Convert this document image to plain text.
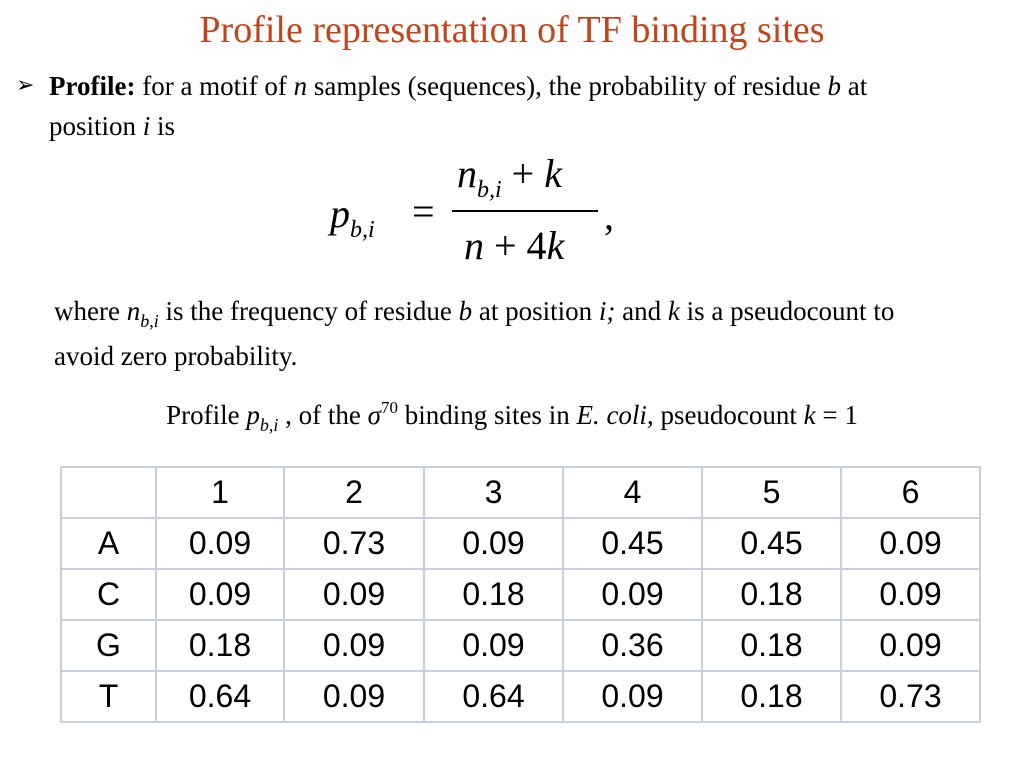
Profile representation of TF binding sites
➢ Profile: for a motif of n samples (sequences), the probability of residue b at position i is
$p_{b,i}$ =
$n_{b,i} + k$
n + 4k
,
where $n_{b,i}$ is the frequency of residue b at position i; and k is a pseudocount to avoid zero probability.
Profile $p_{b,i}$ , of the $\sigma^{70}$ binding sites in E. coli, pseudocount k = 1
	1	2	3	4	5	6
A	0.09	0.73	0.09	0.45	0.45	0.09
C	0.09	0.09	0.18	0.09	0.18	0.09
G	0.18	0.09	0.09	0.36	0.18	0.09
T	0.64	0.09	0.64	0.09	0.18	0.73
